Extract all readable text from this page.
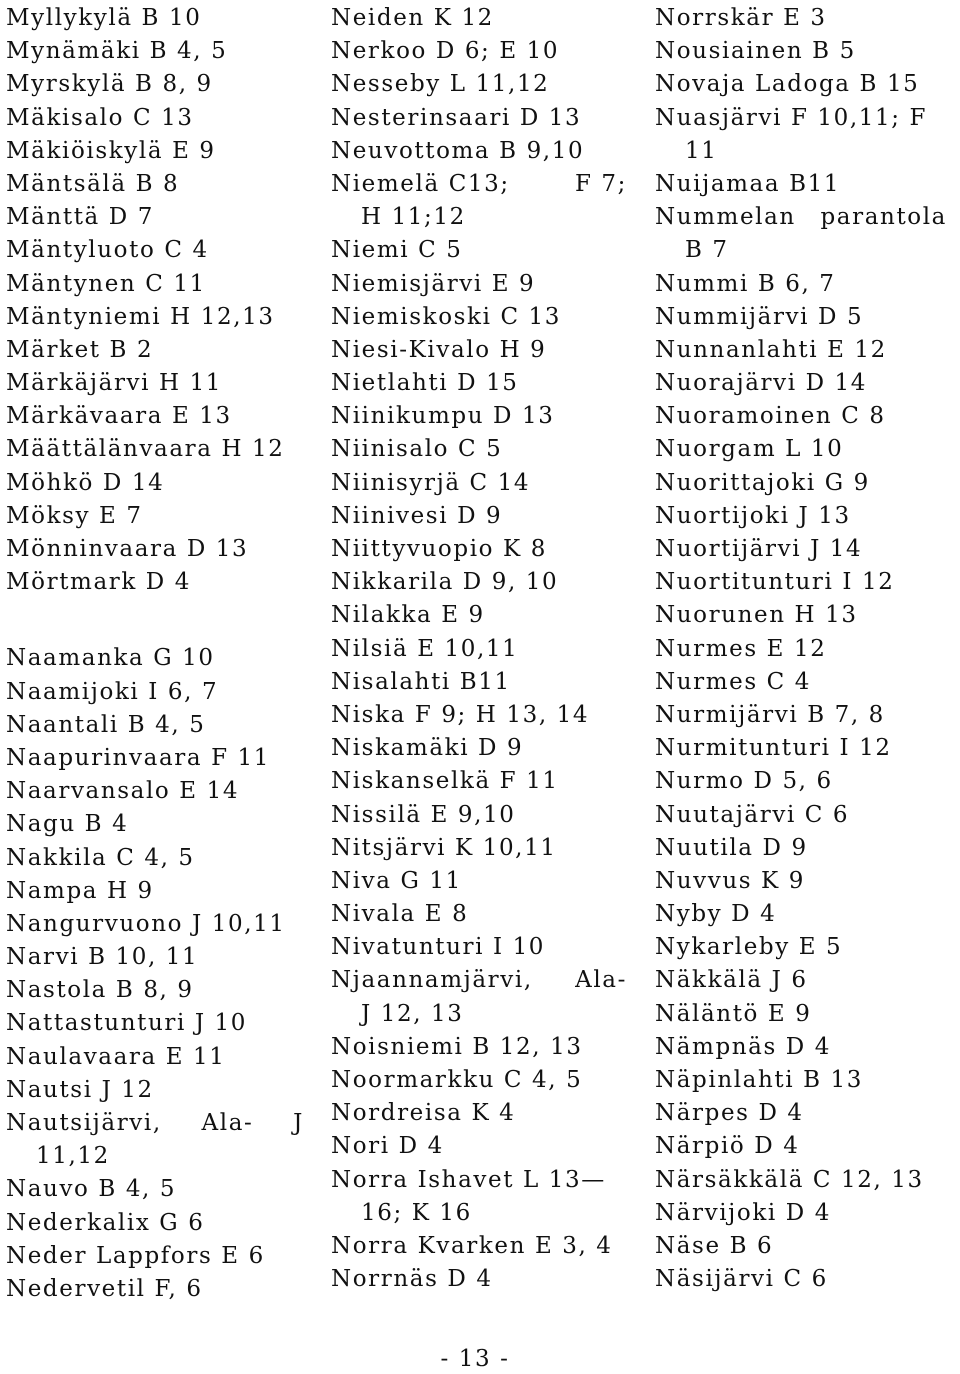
Myllykylä B 10
Mynämäki B 4, 5
Myrskylä B 8, 9
Mäkisalo C 13
Mäkiöiskylä E 9
Mäntsälä B 8
Mänttä D 7
Mäntyluoto C 4
Mäntynen C 11
Mäntyniemi H 12,13
Märket B 2
Märkäjärvi H 11
Märkävaara E 13
Määttälänvaara H 12
Möhkö D 14
Möksy E 7
Mönninvaara D 13
Mörtmark D 4
Naamanka G 10
Naamijoki I 6, 7
Naantali B 4, 5
Naapurinvaara F 11
Naarvansalo E 14
Nagu B 4
Nakkila C 4, 5
Nampa H 9
Nangurvuono J 10,11
Narvi B 10, 11
Nastola B 8, 9
Nattastunturi J 10
Naulavaara E 11
Nautsi J 12
Nautsijärvi, Ala- J
11,12
Nauvo B 4, 5
Nederkalix G 6
Neder Lappfors E 6
Nedervetil F, 6
Neiden K 12
Nerkoo D 6; E 10
Nesseby L 11,12
Nesterinsaari D 13
Neuvottoma B 9,10
Niemelä C13;	F 7;
H 11;12
Niemi C 5
Niemisjärvi E 9
Niemiskoski C 13
Niesi-Kivalo H 9
Nietlahti D 15
Niinikumpu D 13
Niinisalo C 5
Niinisyrjä C 14
Niinivesi D 9
Niittyvuopio K 8
Nikkarila D 9, 10
Nilakka E 9
Nilsiä E 10,11
Nisalahti B11
Niska F 9; H 13, 14
Niskamäki D 9
Niskanselkä F 11
Nissilä E 9,10
Nitsjärvi K 10,11
Niva G 11
Nivala E 8
Nivatunturi I 10
Njaannamjärvi, Ala-
J 12, 13
Noisniemi B 12, 13
Noormarkku C 4, 5
Nordreisa K 4
Nori D 4
Norra Ishavet L 13—
16; K 16
Norra Kvarken E 3, 4
Norrnäs D 4
Norrskär E 3
Nousiainen B 5
Novaja Ladoga B 15
Nuasjärvi F 10,11; F
11
Nuijamaa B11
Nummelan parantola
B 7
Nummi B 6, 7
Nummijärvi D 5
Nunnanlahti E 12
Nuorajärvi D 14
Nuoramoinen C 8
Nuorgam L 10
Nuorittajoki G 9
Nuortijoki J 13
Nuortijärvi J 14
Nuortitunturi I 12
Nuorunen H 13
Nurmes E 12
Nurmes C 4
Nurmijärvi B 7, 8
Nurmitunturi I 12
Nurmo D 5, 6
Nuutajärvi C 6
Nuutila D 9
Nuvvus K 9
Nyby D 4
Nykarleby E 5
Näkkälä J 6
Näläntö E 9
Nämpnäs D 4
Näpinlahti B 13
Närpes D 4
Närpiö D 4
Närsäkkälä C 12, 13
Närvijoki D 4
Näse B 6
Näsijärvi C 6
- 13 -
